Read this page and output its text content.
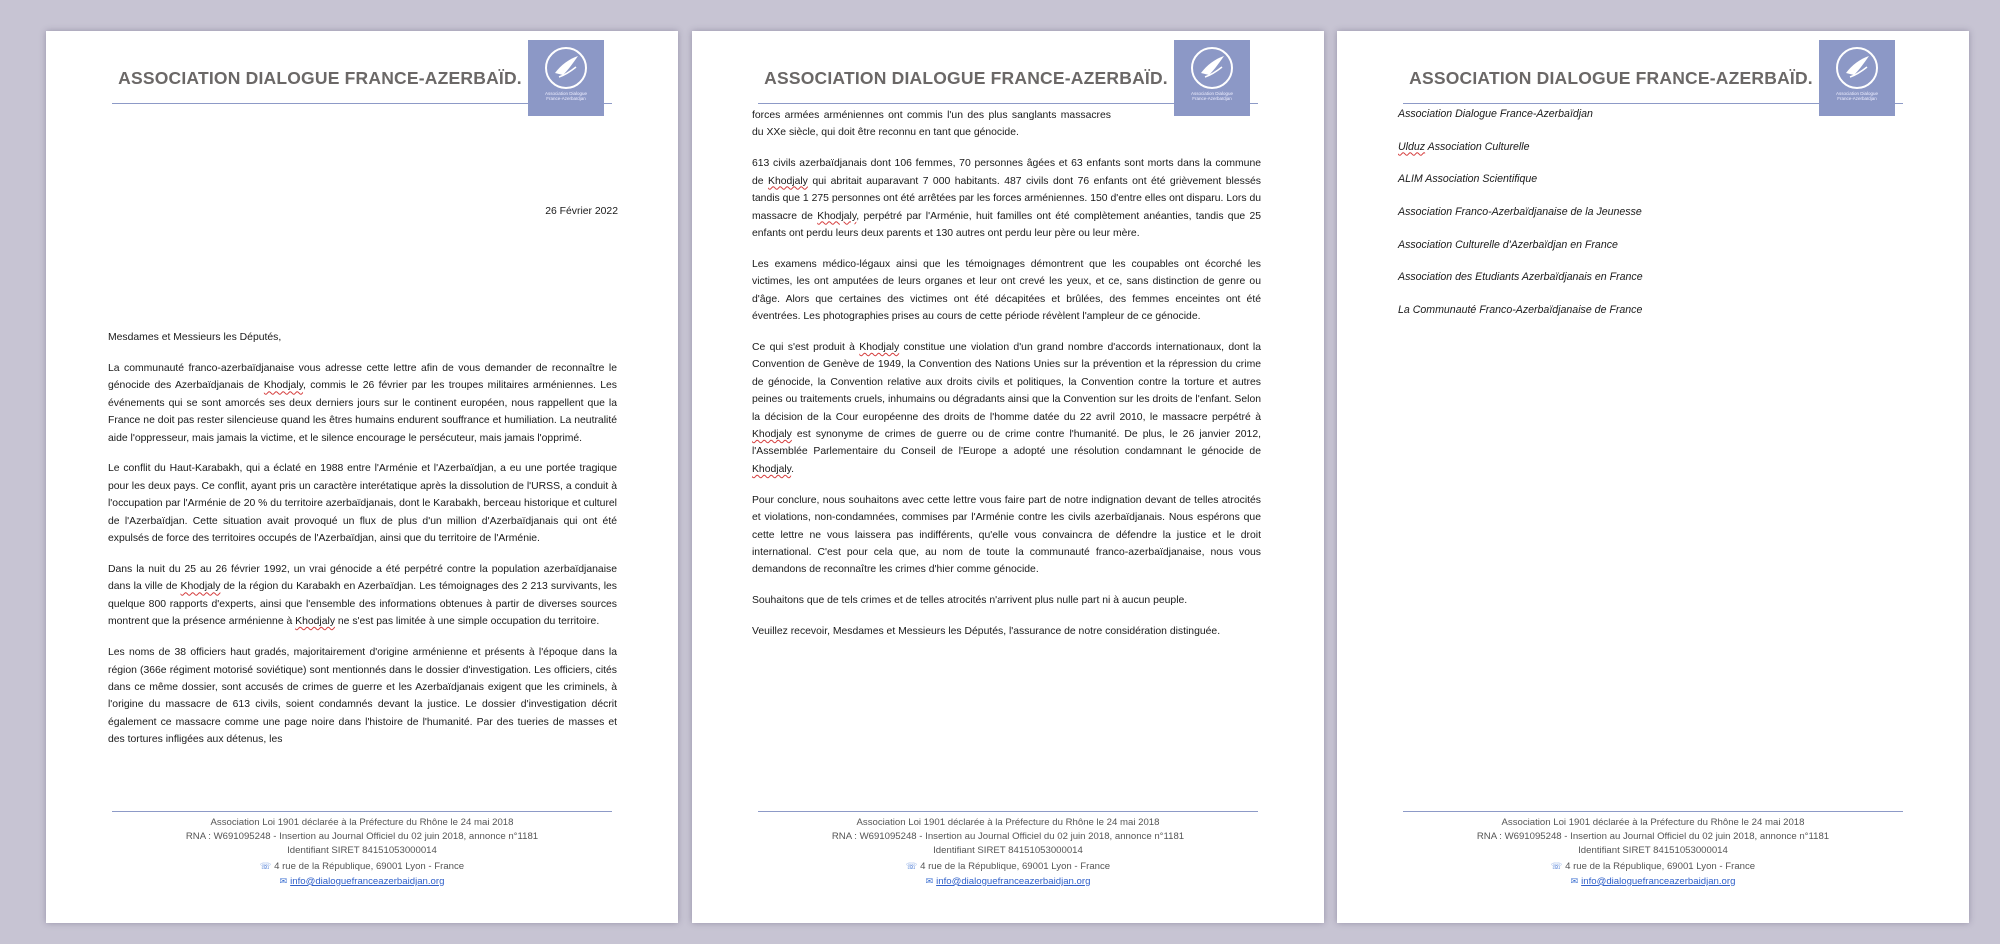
ASSOCIATION DIALOGUE FRANCE-AZERBAÏD.
Association Dialogue
France-Azerbaïdjan
26 Février 2022

Mesdames et Messieurs les Députés,

La communauté franco-azerbaïdjanaise vous adresse cette lettre afin de vous demander de reconnaître le génocide des Azerbaïdjanais de Khodjaly, commis le 26 février par les troupes militaires arméniennes. Les événements qui se sont amorcés ses deux derniers jours sur le continent européen, nous rappellent que la France ne doit pas rester silencieuse quand les êtres humains endurent souffrance et humiliation. La neutralité aide l'oppresseur, mais jamais la victime, et le silence encourage le persécuteur, mais jamais l'opprimé.

Le conflit du Haut-Karabakh, qui a éclaté en 1988 entre l'Arménie et l'Azerbaïdjan, a eu une portée tragique pour les deux pays. Ce conflit, ayant pris un caractère interétatique après la dissolution de l'URSS, a conduit à l'occupation par l'Arménie de 20 % du territoire azerbaïdjanais, dont le Karabakh, berceau historique et culturel de l'Azerbaïdjan. Cette situation avait provoqué un flux de plus d'un million d'Azerbaïdjanais qui ont été expulsés de force des territoires occupés de l'Azerbaïdjan, ainsi que du territoire de l'Arménie.

Dans la nuit du 25 au 26 février 1992, un vrai génocide a été perpétré contre la population azerbaïdjanaise dans la ville de Khodjaly de la région du Karabakh en Azerbaïdjan. Les témoignages des 2 213 survivants, les quelque 800 rapports d'experts, ainsi que l'ensemble des informations obtenues à partir de diverses sources montrent que la présence arménienne à Khodjaly ne s'est pas limitée à une simple occupation du territoire.

Les noms de 38 officiers haut gradés, majoritairement d'origine arménienne et présents à l'époque dans la région (366e régiment motorisé soviétique) sont mentionnés dans le dossier d'investigation. Les officiers, cités dans ce même dossier, sont accusés de crimes de guerre et les Azerbaïdjanais exigent que les criminels, à l'origine du massacre de 613 civils, soient condamnés devant la justice. Le dossier d'investigation décrit également ce massacre comme une page noire dans l'histoire de l'humanité. Par des tueries de masses et des tortures infligées aux détenus, les

Association Loi 1901 déclarée à la Préfecture du Rhône le 24 mai 2018
RNA : W691095248 - Insertion au Journal Officiel du 02 juin 2018, annonce n°1181
Identifiant SIRET 84151053000014
☏ 4 rue de la République, 69001 Lyon - France
✉ info@dialoguefranceazerbaidjan.org
ASSOCIATION DIALOGUE FRANCE-AZERBAÏD.
Association Dialogue
France-Azerbaïdjan

forces armées arméniennes ont commis l'un des plus sanglants massacres du XXe siècle, qui doit être reconnu en tant que génocide.

613 civils azerbaïdjanais dont 106 femmes, 70 personnes âgées et 63 enfants sont morts dans la commune de Khodjaly qui abritait auparavant 7 000 habitants. 487 civils dont 76 enfants ont été grièvement blessés tandis que 1 275 personnes ont été arrêtées par les forces arméniennes. 150 d'entre elles ont disparu. Lors du massacre de Khodjaly, perpétré par l'Arménie, huit familles ont été complètement anéanties, tandis que 25 enfants ont perdu leurs deux parents et 130 autres ont perdu leur père ou leur mère.

Les examens médico-légaux ainsi que les témoignages démontrent que les coupables ont écorché les victimes, les ont amputées de leurs organes et leur ont crevé les yeux, et ce, sans distinction de genre ou d'âge. Alors que certaines des victimes ont été décapitées et brûlées, des femmes enceintes ont été éventrées. Les photographies prises au cours de cette période révèlent l'ampleur de ce génocide.

Ce qui s'est produit à Khodjaly constitue une violation d'un grand nombre d'accords internationaux, dont la Convention de Genève de 1949, la Convention des Nations Unies sur la prévention et la répression du crime de génocide, la Convention relative aux droits civils et politiques, la Convention contre la torture et autres peines ou traitements cruels, inhumains ou dégradants ainsi que la Convention sur les droits de l'enfant. Selon la décision de la Cour européenne des droits de l'homme datée du 22 avril 2010, le massacre perpétré à Khodjaly est synonyme de crimes de guerre ou de crime contre l'humanité. De plus, le 26 janvier 2012, l'Assemblée Parlementaire du Conseil de l'Europe a adopté une résolution condamnant le génocide de Khodjaly.

Pour conclure, nous souhaitons avec cette lettre vous faire part de notre indignation devant de telles atrocités et violations, non-condamnées, commises par l'Arménie contre les civils azerbaïdjanais. Nous espérons que cette lettre ne vous laissera pas indifférents, qu'elle vous convaincra de défendre la justice et le droit international. C'est pour cela que, au nom de toute la communauté franco-azerbaïdjanaise, nous vous demandons de reconnaître les crimes d'hier comme génocide.

Souhaitons que de tels crimes et de telles atrocités n'arrivent plus nulle part ni à aucun peuple.

Veuillez recevoir, Mesdames et Messieurs les Députés, l'assurance de notre considération distinguée.

Association Loi 1901 déclarée à la Préfecture du Rhône le 24 mai 2018
RNA : W691095248 - Insertion au Journal Officiel du 02 juin 2018, annonce n°1181
Identifiant SIRET 84151053000014
☏ 4 rue de la République, 69001 Lyon - France
✉ info@dialoguefranceazerbaidjan.org
ASSOCIATION DIALOGUE FRANCE-AZERBAÏD.
Association Dialogue
France-Azerbaïdjan
Association Dialogue France-Azerbaïdjan
Ulduz Association Culturelle
ALIM Association Scientifique
Association Franco-Azerbaïdjanaise de la Jeunesse
Association Culturelle d'Azerbaïdjan en France
Association des Etudiants Azerbaïdjanais en France
La Communauté Franco-Azerbaïdjanaise de France
Association Loi 1901 déclarée à la Préfecture du Rhône le 24 mai 2018
RNA : W691095248 - Insertion au Journal Officiel du 02 juin 2018, annonce n°1181
Identifiant SIRET 84151053000014
☏ 4 rue de la République, 69001 Lyon - France
✉ info@dialoguefranceazerbaidjan.org
